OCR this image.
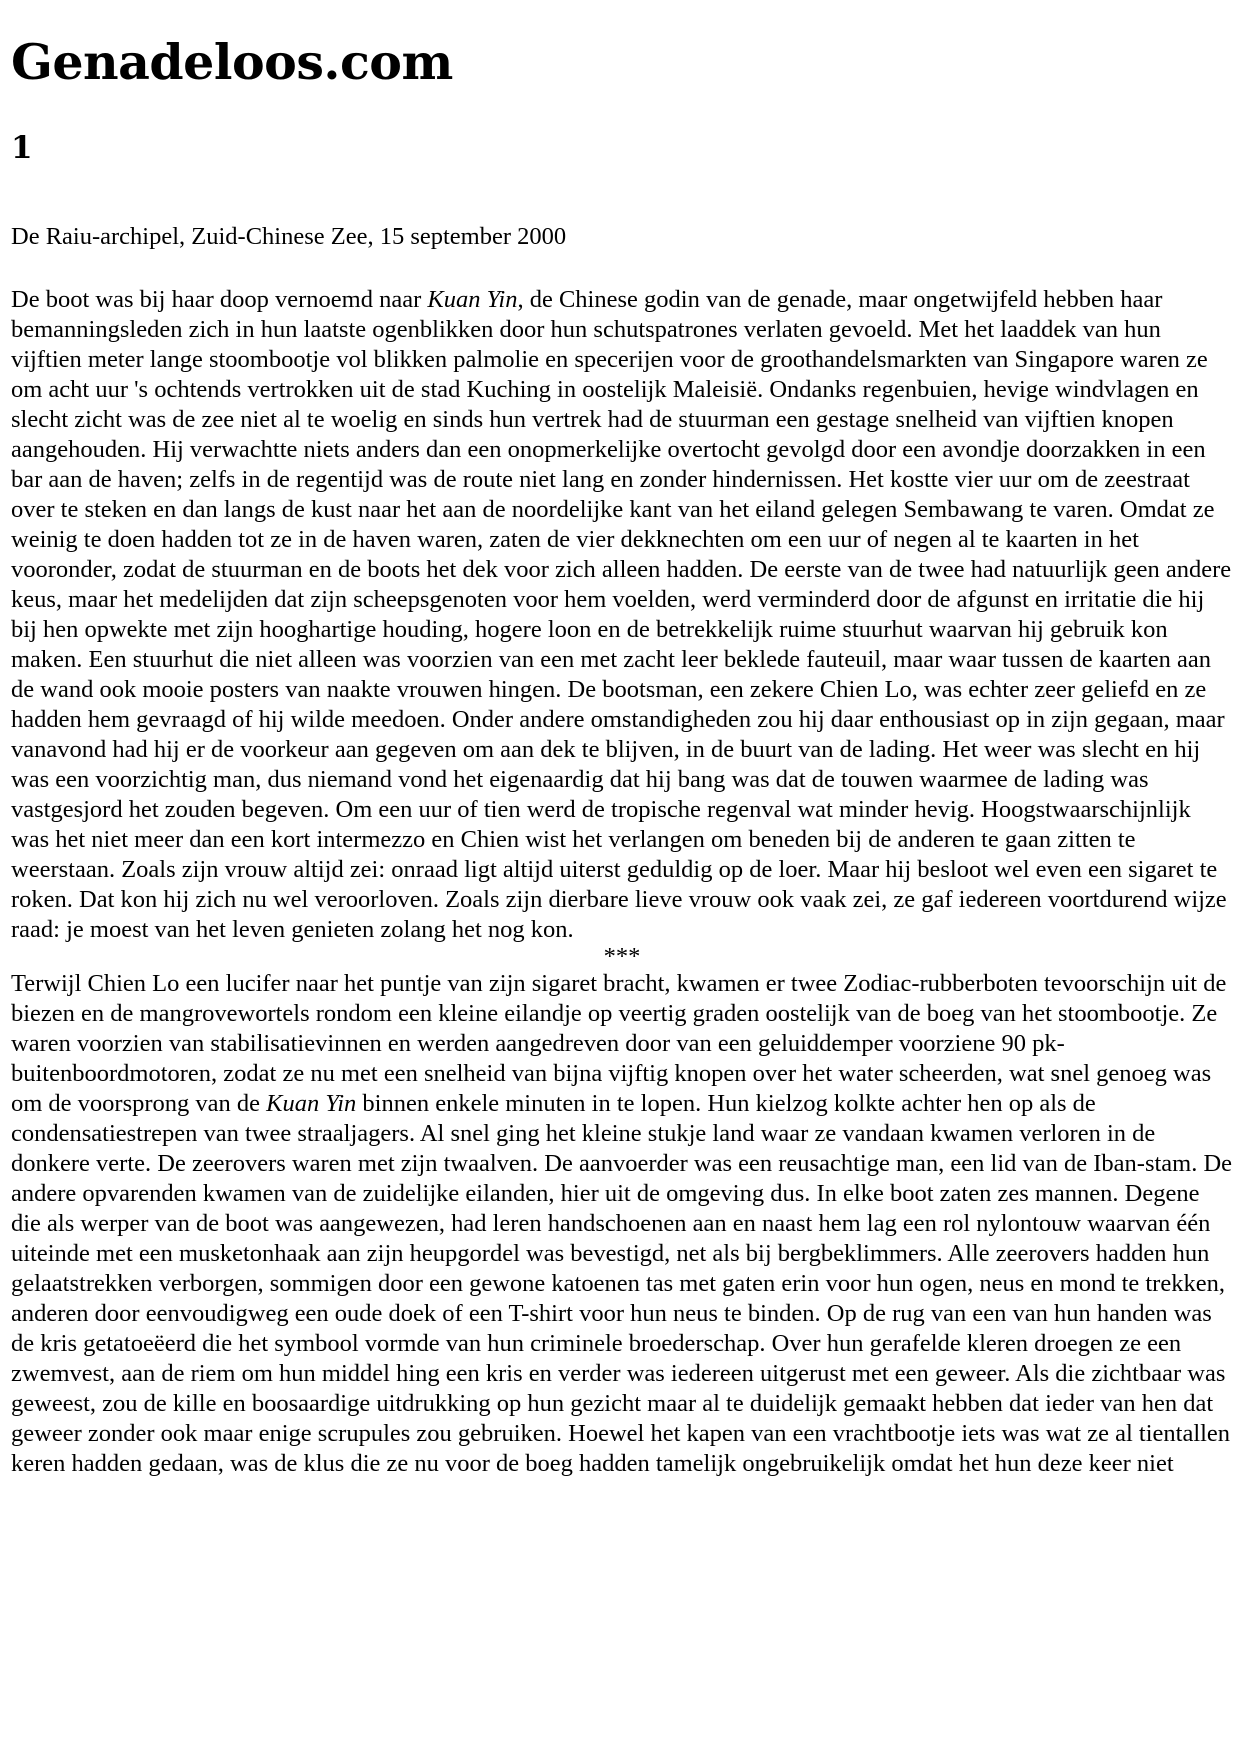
Genadeloos.com
1

De Raiu-archipel, Zuid-Chinese Zee, 15 september 2000

De boot was bij haar doop vernoemd naar Kuan Yin, de Chinese godin van de genade, maar ongetwijfeld hebben haar bemanningsleden zich in hun laatste ogenblikken door hun schutspatrones verlaten gevoeld. Met het laaddek van hun vijftien meter lange stoombootje vol blikken palmolie en specerijen voor de groothandelsmarkten van Singapore waren ze om acht uur 's ochtends vertrokken uit de stad Kuching in oostelijk Maleisië. Ondanks regenbuien, hevige windvlagen en slecht zicht was de zee niet al te woelig en sinds hun vertrek had de stuurman een gestage snelheid van vijftien knopen aangehouden. Hij verwachtte niets anders dan een onopmerkelijke overtocht gevolgd door een avondje doorzakken in een bar aan de haven; zelfs in de regentijd was de route niet lang en zonder hindernissen. Het kostte vier uur om de zeestraat over te steken en dan langs de kust naar het aan de noordelijke kant van het eiland gelegen Sembawang te varen. Omdat ze weinig te doen hadden tot ze in de haven waren, zaten de vier dekknechten om een uur of negen al te kaarten in het vooronder, zodat de stuurman en de boots het dek voor zich alleen hadden. De eerste van de twee had natuurlijk geen andere keus, maar het medelijden dat zijn scheepsgenoten voor hem voelden, werd verminderd door de afgunst en irritatie die hij bij hen opwekte met zijn hooghartige houding, hogere loon en de betrekkelijk ruime stuurhut waarvan hij gebruik kon maken. Een stuurhut die niet alleen was voorzien van een met zacht leer beklede fauteuil, maar waar tussen de kaarten aan de wand ook mooie posters van naakte vrouwen hingen. De bootsman, een zekere Chien Lo, was echter zeer geliefd en ze hadden hem gevraagd of hij wilde meedoen. Onder andere omstandigheden zou hij daar enthousiast op in zijn gegaan, maar vanavond had hij er de voorkeur aan gegeven om aan dek te blijven, in de buurt van de lading. Het weer was slecht en hij was een voorzichtig man, dus niemand vond het eigenaardig dat hij bang was dat de touwen waarmee de lading was vastgesjord het zouden begeven. Om een uur of tien werd de tropische regenval wat minder hevig. Hoogstwaarschijnlijk was het niet meer dan een kort intermezzo en Chien wist het verlangen om beneden bij de anderen te gaan zitten te weerstaan. Zoals zijn vrouw altijd zei: onraad ligt altijd uiterst geduldig op de loer. Maar hij besloot wel even een sigaret te roken. Dat kon hij zich nu wel veroorloven. Zoals zijn dierbare lieve vrouw ook vaak zei, ze gaf iedereen voortdurend wijze raad: je moest van het leven genieten zolang het nog kon.

***

Terwijl Chien Lo een lucifer naar het puntje van zijn sigaret bracht, kwamen er twee Zodiac-rubberboten tevoorschijn uit de biezen en de mangrovewortels rondom een kleine eilandje op veertig graden oostelijk van de boeg van het stoombootje. Ze waren voorzien van stabilisatievinnen en werden aangedreven door van een geluiddemper voorziene 90 pk-buitenboordmotoren, zodat ze nu met een snelheid van bijna vijftig knopen over het water scheerden, wat snel genoeg was om de voorsprong van de Kuan Yin binnen enkele minuten in te lopen. Hun kielzog kolkte achter hen op als de condensatiestrepen van twee straaljagers. Al snel ging het kleine stukje land waar ze vandaan kwamen verloren in de donkere verte. De zeerovers waren met zijn twaalven. De aanvoerder was een reusachtige man, een lid van de Iban-stam. De andere opvarenden kwamen van de zuidelijke eilanden, hier uit de omgeving dus. In elke boot zaten zes mannen. Degene die als werper van de boot was aangewezen, had leren handschoenen aan en naast hem lag een rol nylontouw waarvan één uiteinde met een musketonhaak aan zijn heupgordel was bevestigd, net als bij bergbeklimmers. Alle zeerovers hadden hun gelaatstrekken verborgen, sommigen door een gewone katoenen tas met gaten erin voor hun ogen, neus en mond te trekken, anderen door eenvoudigweg een oude doek of een T-shirt voor hun neus te binden. Op de rug van een van hun handen was de kris getatoeëerd die het symbool vormde van hun criminele broederschap. Over hun gerafelde kleren droegen ze een zwemvest, aan de riem om hun middel hing een kris en verder was iedereen uitgerust met een geweer. Als die zichtbaar was geweest, zou de kille en boosaardige uitdrukking op hun gezicht maar al te duidelijk gemaakt hebben dat ieder van hen dat geweer zonder ook maar enige scrupules zou gebruiken. Hoewel het kapen van een vrachtbootje iets was wat ze al tientallen keren hadden gedaan, was de klus die ze nu voor de boeg hadden tamelijk ongebruikelijk omdat het hun deze keer niet
